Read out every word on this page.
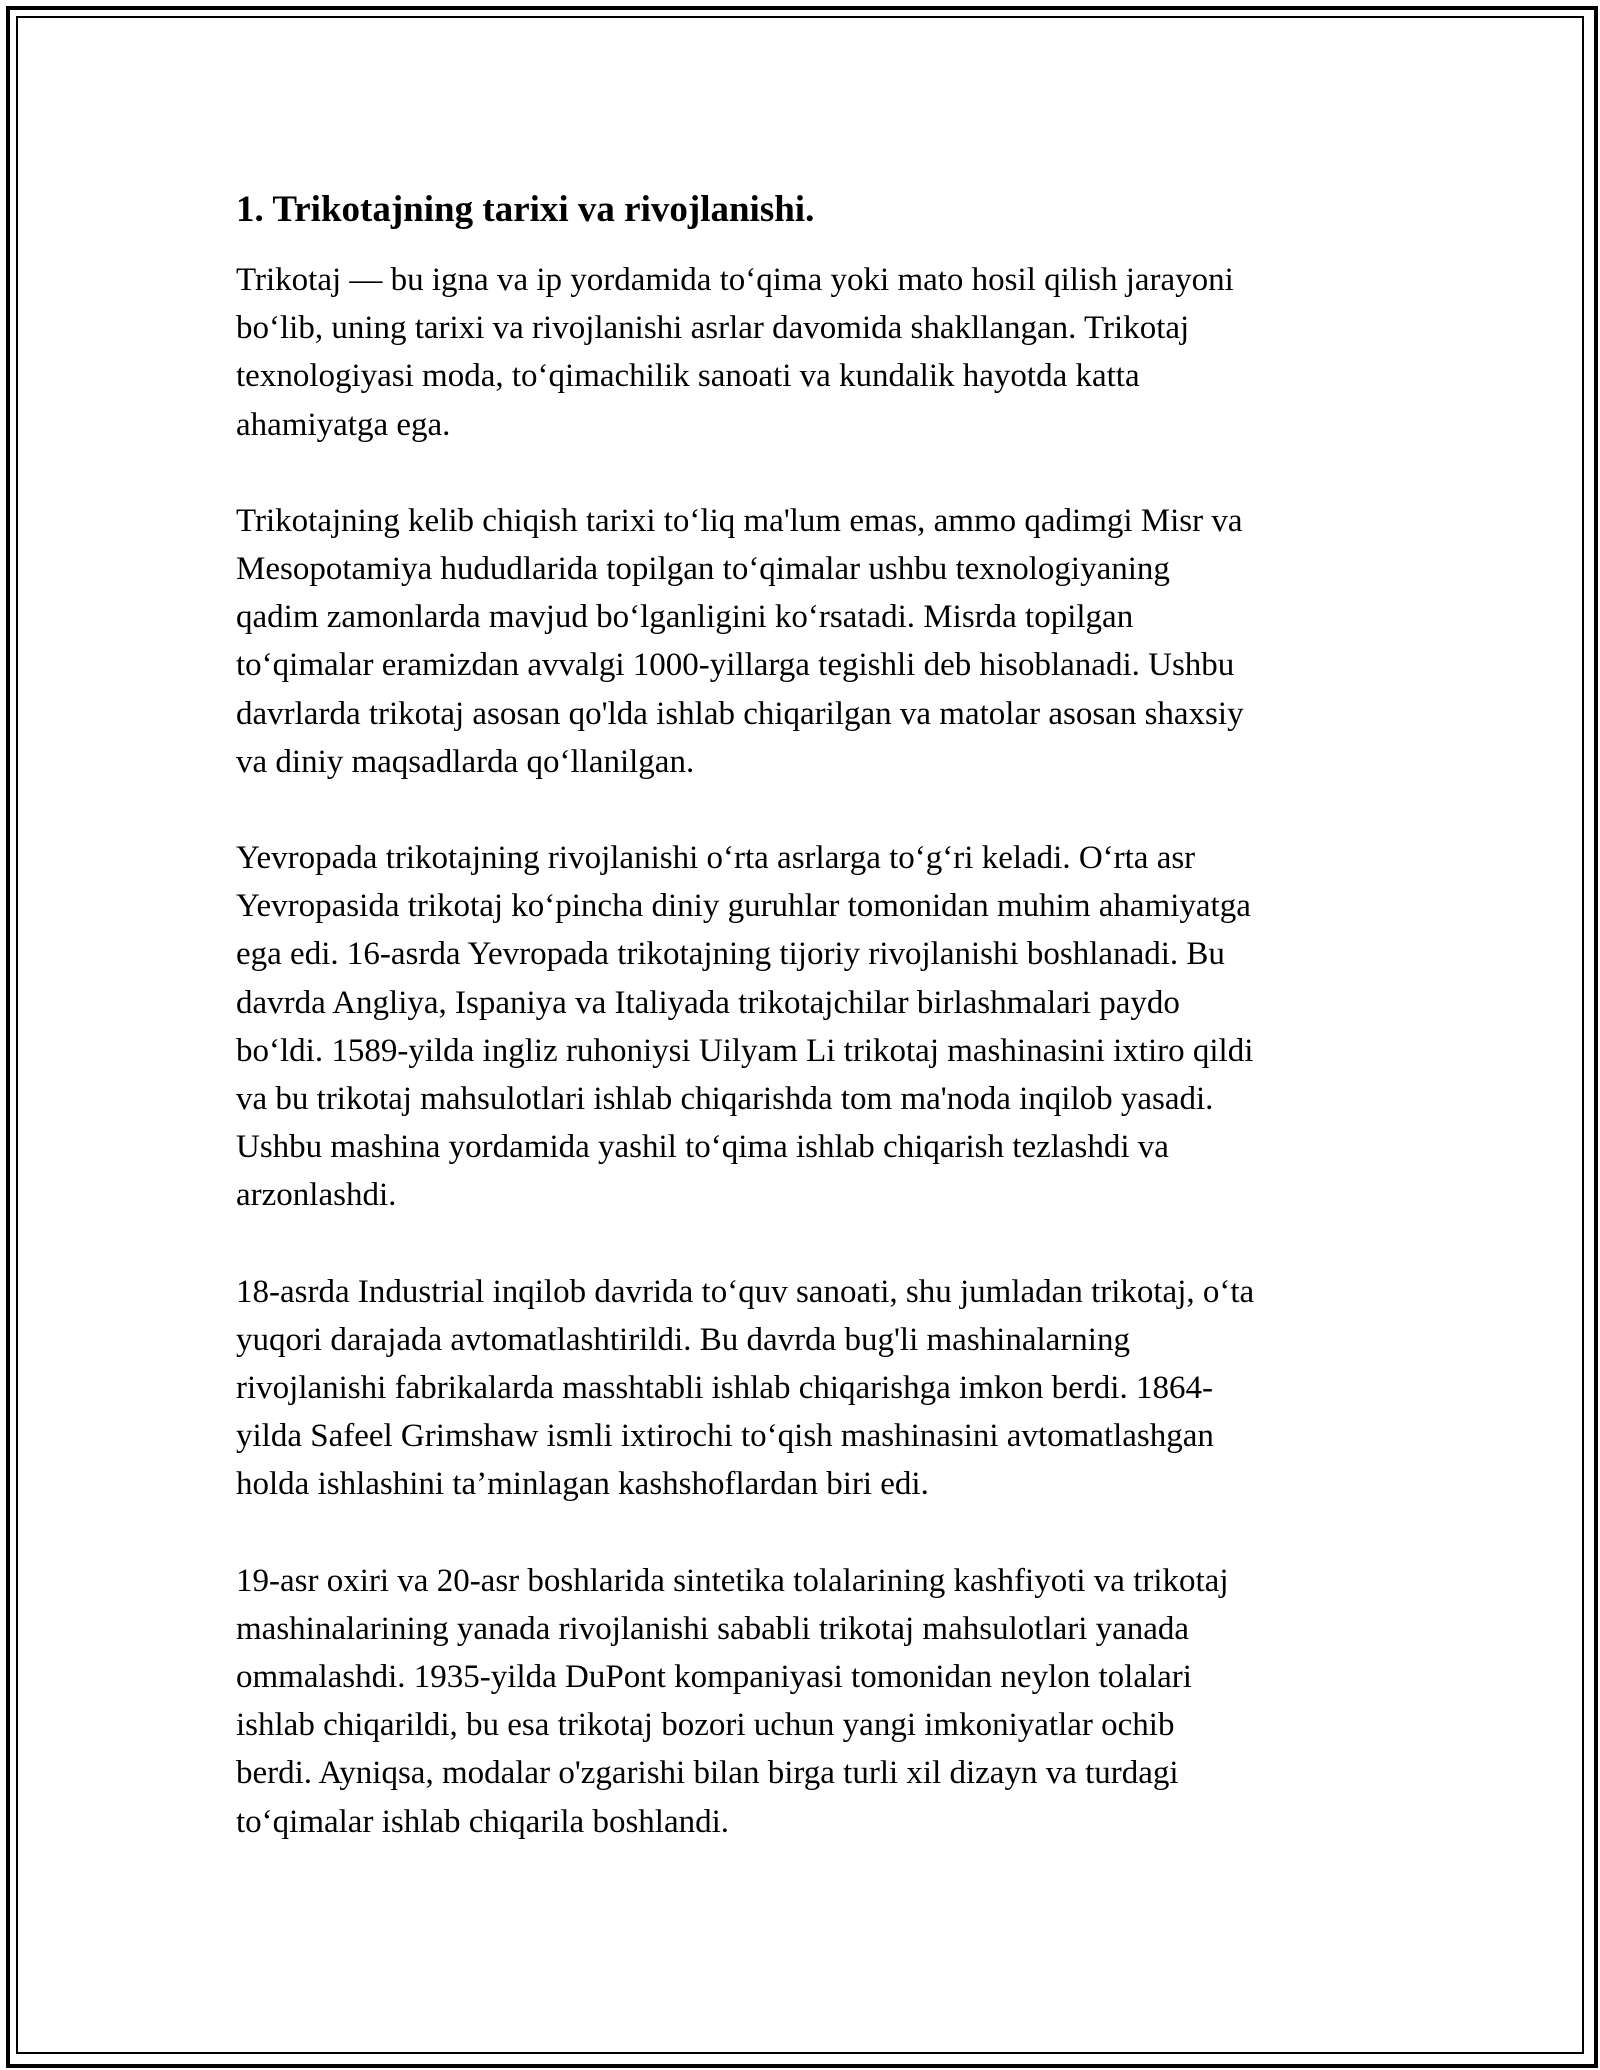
1. Trikotajning tarixi va rivojlanishi.

Trikotaj — bu igna va ip yordamida toʻqima yoki mato hosil qilish jarayoni
boʻlib, uning tarixi va rivojlanishi asrlar davomida shakllangan. Trikotaj
texnologiyasi moda, toʻqimachilik sanoati va kundalik hayotda katta
ahamiyatga ega.

Trikotajning kelib chiqish tarixi toʻliq ma'lum emas, ammo qadimgi Misr va
Mesopotamiya hududlarida topilgan toʻqimalar ushbu texnologiyaning
qadim zamonlarda mavjud boʻlganligini koʻrsatadi. Misrda topilgan
toʻqimalar eramizdan avvalgi 1000-yillarga tegishli deb hisoblanadi. Ushbu
davrlarda trikotaj asosan qo'lda ishlab chiqarilgan va matolar asosan shaxsiy
va diniy maqsadlarda qoʻllanilgan.

Yevropada trikotajning rivojlanishi oʻrta asrlarga toʻgʻri keladi. Oʻrta asr
Yevropasida trikotaj koʻpincha diniy guruhlar tomonidan muhim ahamiyatga
ega edi. 16-asrda Yevropada trikotajning tijoriy rivojlanishi boshlanadi. Bu
davrda Angliya, Ispaniya va Italiyada trikotajchilar birlashmalari paydo
boʻldi. 1589-yilda ingliz ruhoniysi Uilyam Li trikotaj mashinasini ixtiro qildi
va bu trikotaj mahsulotlari ishlab chiqarishda tom ma'noda inqilob yasadi.
Ushbu mashina yordamida yashil toʻqima ishlab chiqarish tezlashdi va
arzonlashdi.

18-asrda Industrial inqilob davrida toʻquv sanoati, shu jumladan trikotaj, oʻta
yuqori darajada avtomatlashtirildi. Bu davrda bug'li mashinalarning
rivojlanishi fabrikalarda masshtabli ishlab chiqarishga imkon berdi. 1864-
yilda Safeel Grimshaw ismli ixtirochi toʻqish mashinasini avtomatlashgan
holda ishlashini ta’minlagan kashshoflardan biri edi.

19-asr oxiri va 20-asr boshlarida sintetika tolalarining kashfiyoti va trikotaj
mashinalarining yanada rivojlanishi sababli trikotaj mahsulotlari yanada
ommalashdi. 1935-yilda DuPont kompaniyasi tomonidan neylon tolalari
ishlab chiqarildi, bu esa trikotaj bozori uchun yangi imkoniyatlar ochib
berdi. Ayniqsa, modalar o'zgarishi bilan birga turli xil dizayn va turdagi
toʻqimalar ishlab chiqarila boshlandi.
